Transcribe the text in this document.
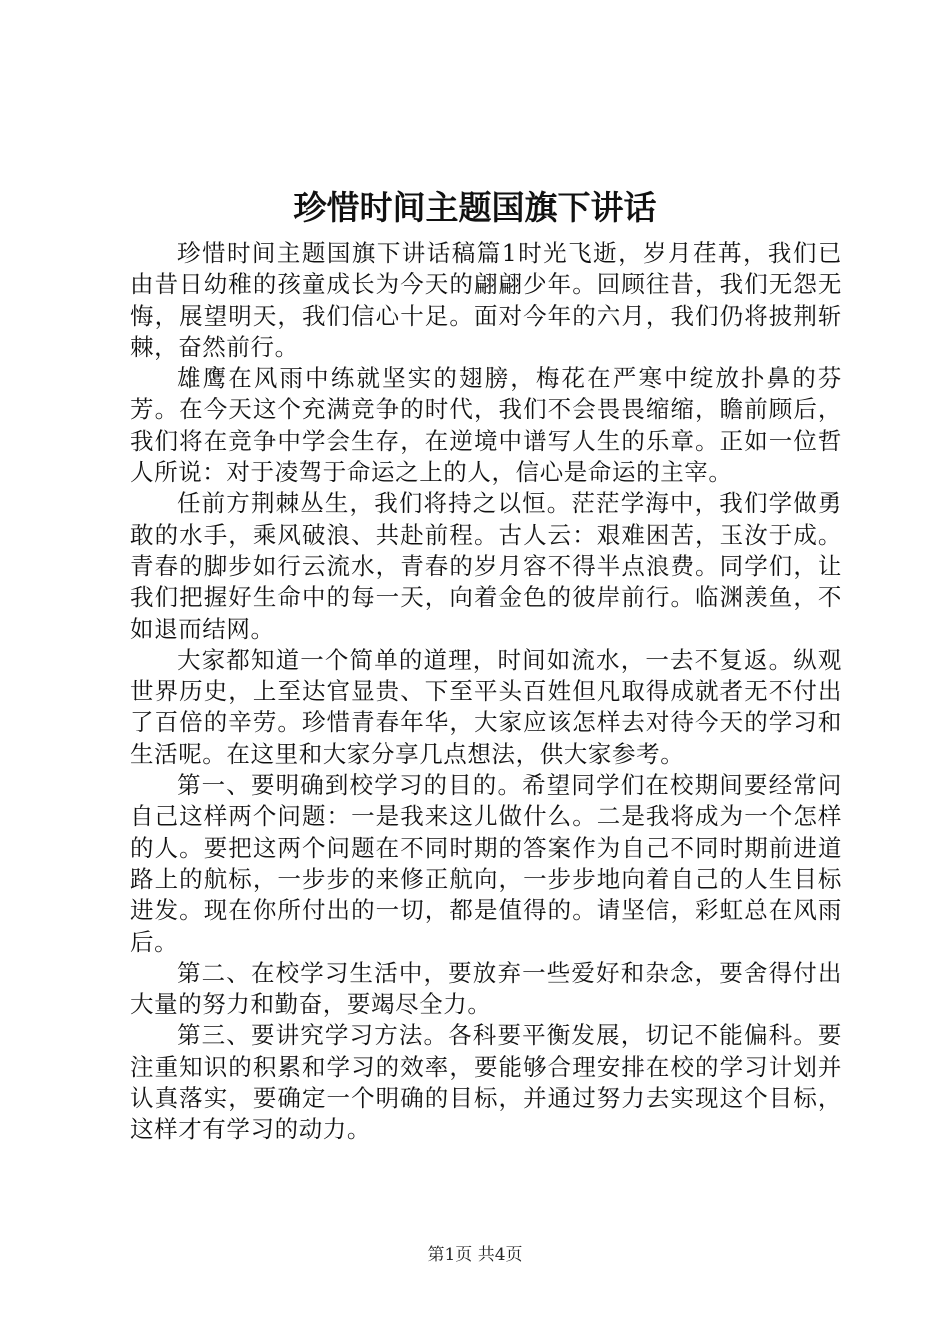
珍惜时间主题国旗下讲话

珍惜时间主题国旗下讲话稿篇1时光飞逝，岁月荏苒，我们已由昔日幼稚的孩童成长为今天的翩翩少年。回顾往昔，我们无怨无悔，展望明天，我们信心十足。面对今年的六月，我们仍将披荆斩棘，奋然前行。

雄鹰在风雨中练就坚实的翅膀，梅花在严寒中绽放扑鼻的芬芳。在今天这个充满竞争的时代，我们不会畏畏缩缩，瞻前顾后，我们将在竞争中学会生存，在逆境中谱写人生的乐章。正如一位哲人所说：对于凌驾于命运之上的人，信心是命运的主宰。

任前方荆棘丛生，我们将持之以恒。茫茫学海中，我们学做勇敢的水手，乘风破浪、共赴前程。古人云：艰难困苦，玉汝于成。青春的脚步如行云流水，青春的岁月容不得半点浪费。同学们，让我们把握好生命中的每一天，向着金色的彼岸前行。临渊羡鱼，不如退而结网。

大家都知道一个简单的道理，时间如流水，一去不复返。纵观世界历史，上至达官显贵、下至平头百姓但凡取得成就者无不付出了百倍的辛劳。珍惜青春年华，大家应该怎样去对待今天的学习和生活呢。在这里和大家分享几点想法，供大家参考。

第一、要明确到校学习的目的。希望同学们在校期间要经常问自己这样两个问题：一是我来这儿做什么。二是我将成为一个怎样的人。要把这两个问题在不同时期的答案作为自己不同时期前进道路上的航标，一步步的来修正航向，一步步地向着自己的人生目标进发。现在你所付出的一切，都是值得的。请坚信，彩虹总在风雨后。

第二、在校学习生活中，要放弃一些爱好和杂念，要舍得付出大量的努力和勤奋，要竭尽全力。

第三、要讲究学习方法。各科要平衡发展，切记不能偏科。要注重知识的积累和学习的效率，要能够合理安排在校的学习计划并认真落实，要确定一个明确的目标，并通过努力去实现这个目标，这样才有学习的动力。

第1页 共4页
